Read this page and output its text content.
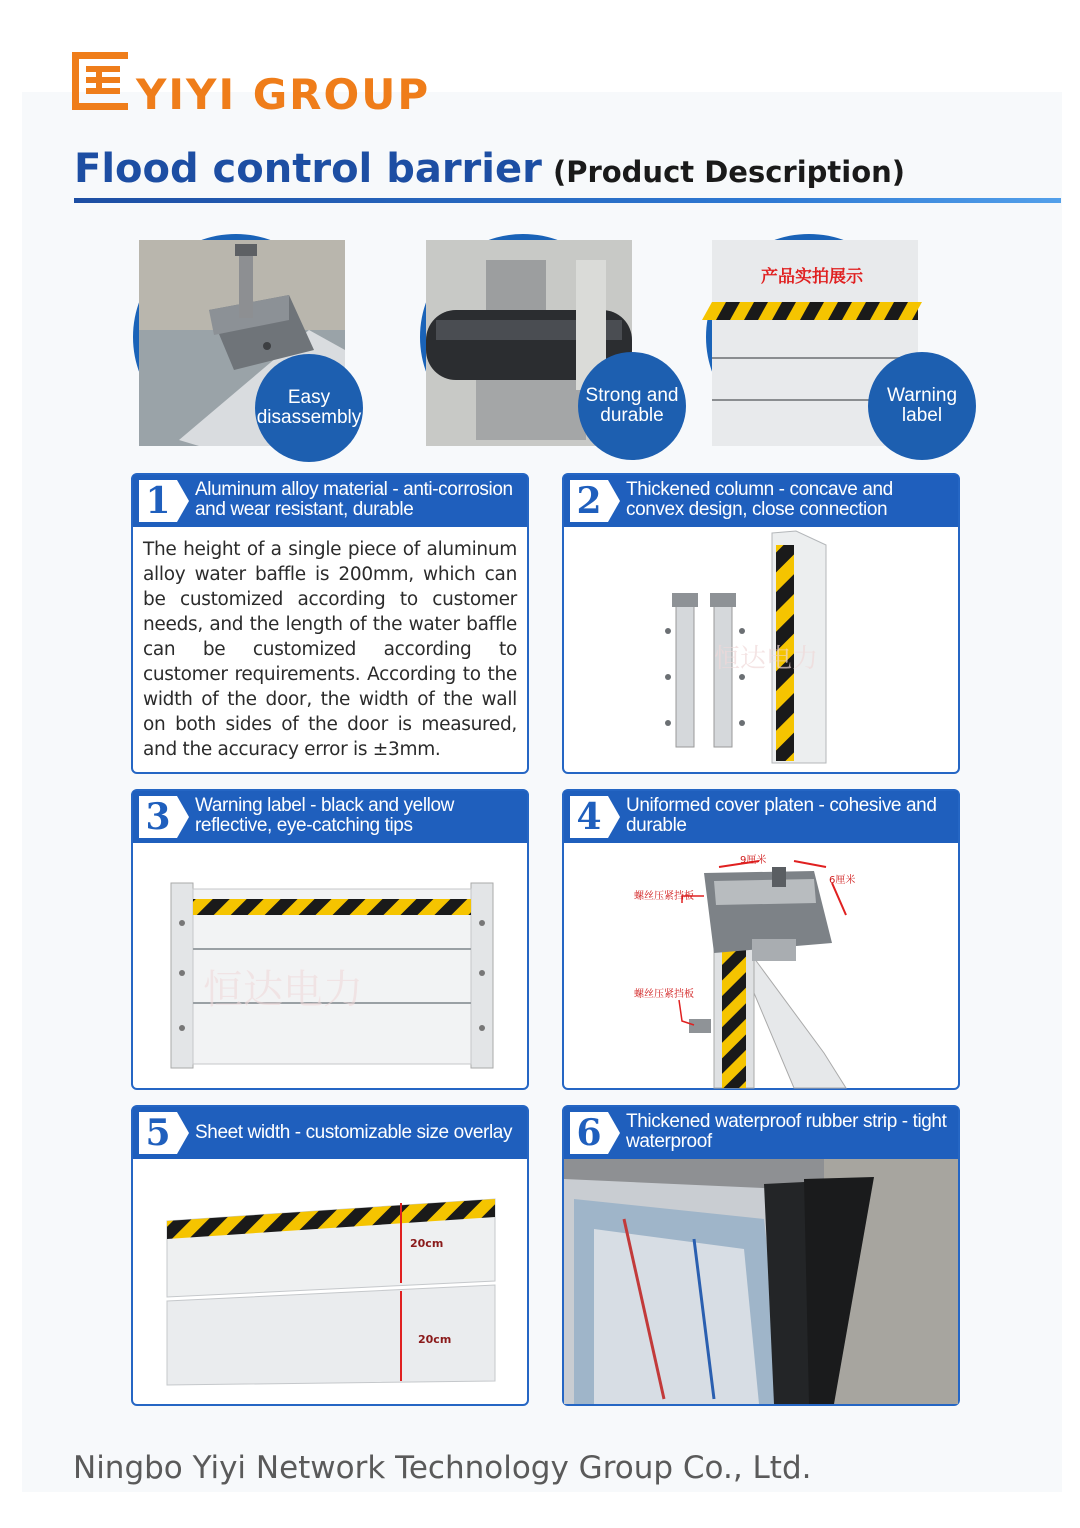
YIYI GROUP
Flood control barrier (Product Description)
Easy disassembly
Strong and durable
产品实拍展示
Warning label
1	Aluminum alloy material - anti-corrosion and wear resistant, durable
The height of a single piece of aluminum alloy water baffle is 200mm, which can be customized according to customer needs, and the length of the water baffle can be customized according to customer requirements. According to the width of the door, the width of the wall on both sides of the door is measured, and the accuracy error is ±3mm.
2	Thickened column - concave and convex design, close connection
恒达电力
3	Warning label - black and yellow reflective, eye-catching tips
恒达电力
4	Uniformed cover platen - cohesive and durable
9厘米
6厘米
螺丝压紧挡板
螺丝压紧挡板
5	Sheet width - customizable size overlay
20cm
20cm
6	Thickened waterproof rubber strip - tight waterproof
Ningbo Yiyi Network Technology Group Co., Ltd.
